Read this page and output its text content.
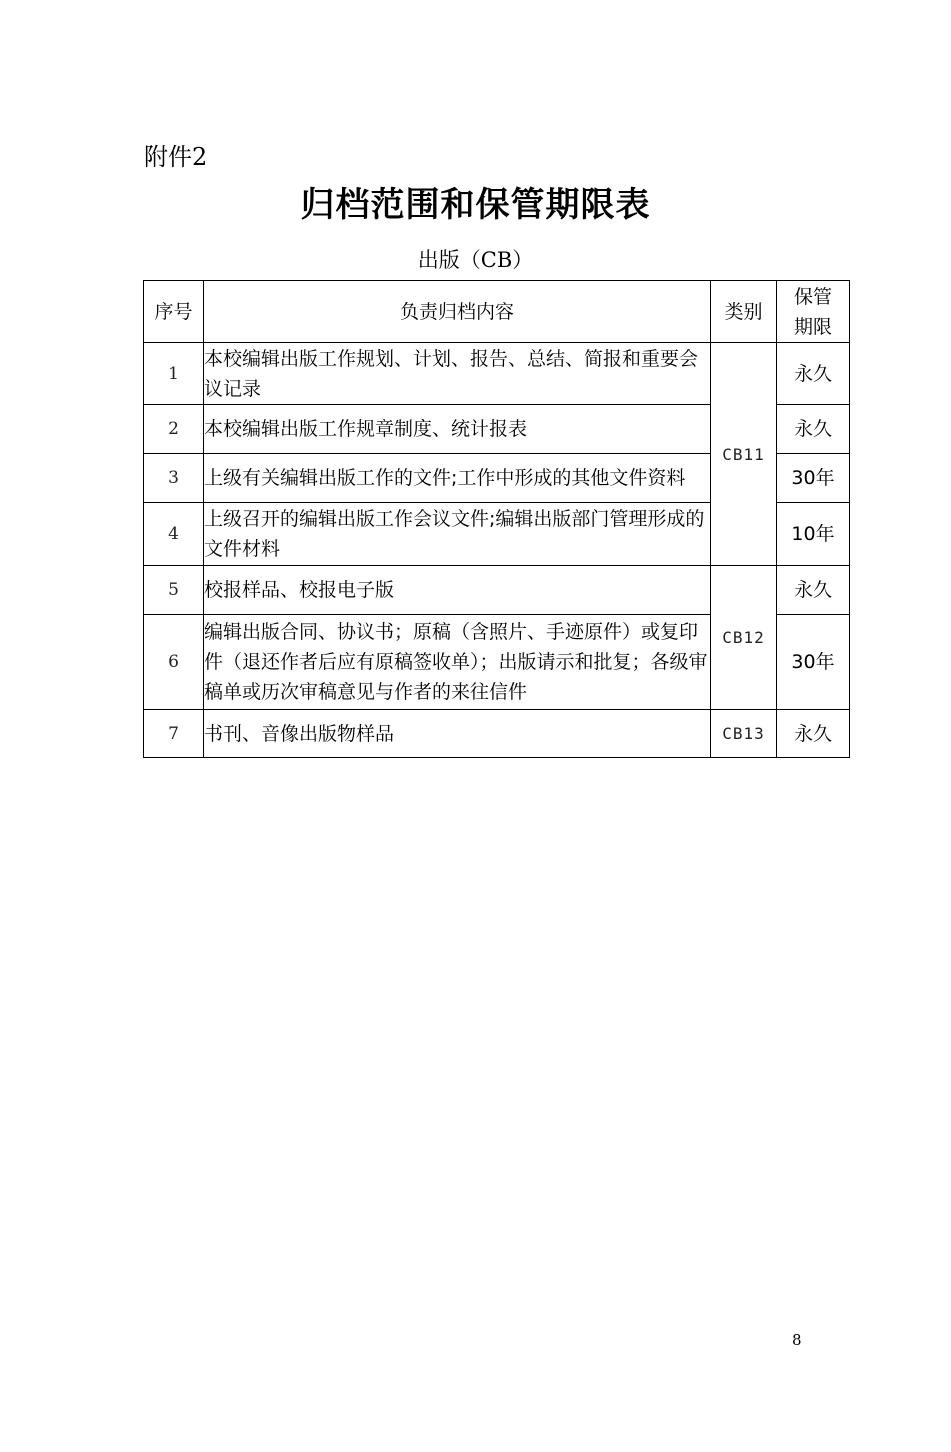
附件2
归档范围和保管期限表
出版（CB）
序号	负责归档内容	类别	保管
期限

1	本校编辑出版工作规划、计划、报告、总结、简报和重要会议记录	CB11	永久
2	本校编辑出版工作规章制度、统计报表		永久
3	上级有关编辑出版工作的文件;工作中形成的其他文件资料		30年
4	上级召开的编辑出版工作会议文件;编辑出版部门管理形成的文件材料		10年
5	校报样品、校报电子版	CB12	永久
6	编辑出版合同、协议书；原稿（含照片、手迹原件）或复印件（退还作者后应有原稿签收单）；出版请示和批复；各级审稿单或历次审稿意见与作者的来往信件		30年
7	书刊、音像出版物样品	CB13	永久
8
